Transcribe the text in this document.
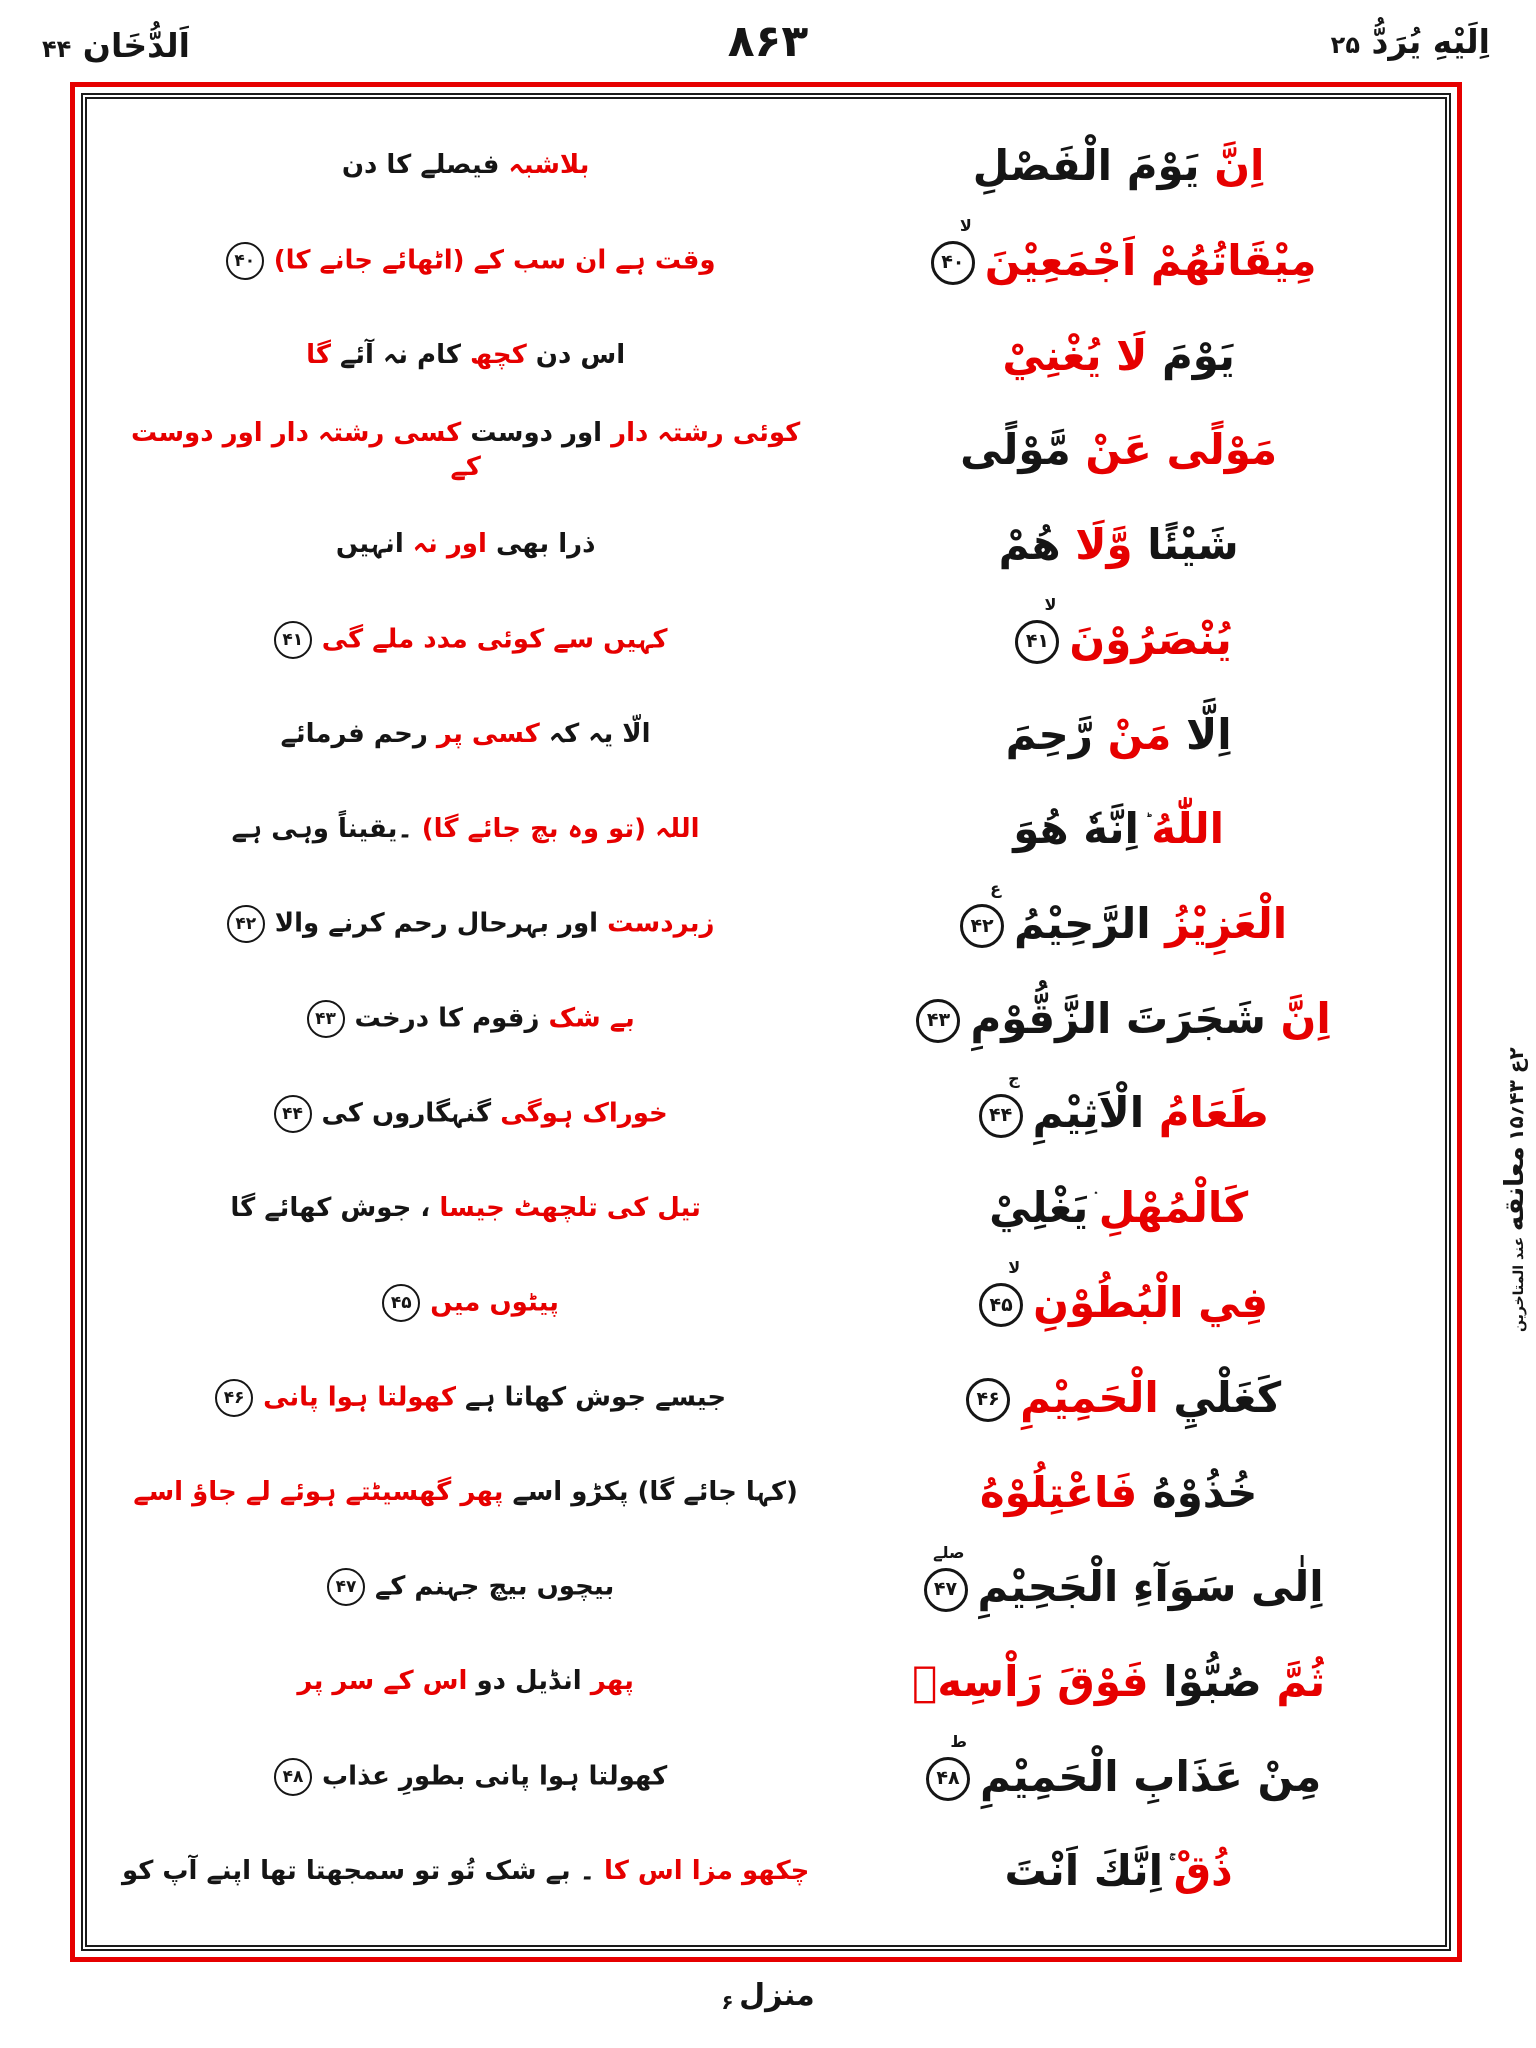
اَلدُّخَان ۴۴	۸۶۳	اِلَيْهِ يُرَدُّ ۲۵
اِنَّ يَوْمَ الْفَصْلِ
بلاشبہ فیصلے کا دن
مِيْقَاتُهُمْ اَجْمَعِيْنَ۴۰
لا
وقت ہے ان سب کے (اٹھائے جانے کا)۴۰
يَوْمَ لَا يُغْنِيْ
اس دن کچھ کام نہ آئے گا
مَوْلًى عَنْ مَّوْلًى
کوئی رشتہ دار اور دوست کسی رشتہ دار اور دوست کے
شَيْئًا وَّلَا هُمْ
ذرا بھی اور نہ انہیں
يُنْصَرُوْنَ۴۱
لا
کہیں سے کوئی مدد ملے گی۴۱
اِلَّا مَنْ رَّحِمَ
الّا یہ کہ کسی پر رحم فرمائے
اللّٰهُ ؕ اِنَّهٗ هُوَ
اللہ (تو وہ بچ جائے گا) ۔یقیناً وہی ہے
الْعَزِيْزُ الرَّحِيْمُ۴۲
ع
زبردست اور بہرحال رحم کرنے والا۴۲
اِنَّ شَجَرَتَ الزَّقُّوْمِ۴۳
بے شک زقوم کا درخت۴۳
طَعَامُ الْاَثِيْمِ۴۴
ج
خوراک ہوگی گنہگاروں کی۴۴
كَالْمُهْلِ ۛ يَغْلِيْ
تیل کی تلچھٹ جیسا ، جوش کھائے گا
فِي الْبُطُوْنِ۴۵
لا
پیٹوں میں۴۵
كَغَلْيِ الْحَمِيْمِ۴۶
جیسے جوش کھاتا ہے کھولتا ہوا پانی۴۶
خُذُوْهُ فَاعْتِلُوْهُ
(کہا جائے گا) پکڑو اسے پھر گھسیٹتے ہوئے لے جاؤ اسے
اِلٰى سَوَآءِ الْجَحِيْمِ۴۷
صلے
بیچوں بیچ جہنم کے۴۷
ثُمَّ صُبُّوْا فَوْقَ رَاْسِهٖ
پھر انڈیل دو اس کے سر پر
مِنْ عَذَابِ الْحَمِيْمِ۴۸
ط
کھولتا ہوا پانی بطورِ عذاب۴۸
ذُقْ ۚ اِنَّكَ اَنْتَ
چکھو مزا اس کا ۔ بے شک تُو تو سمجھتا تھا اپنے آپ کو
۲ع ۴۳؍۱۵ معانقه عند المتاخرین
منزل ۶
